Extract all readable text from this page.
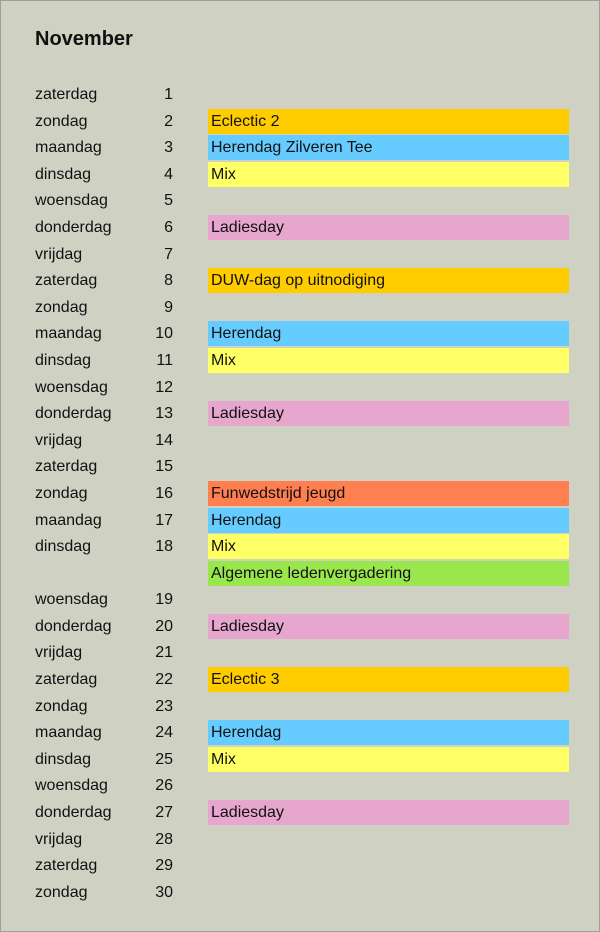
November
zaterdag	1
zondag	2 Eclectic 2
maandag	3 Herendag Zilveren Tee
dinsdag	4 Mix
woensdag	5
donderdag	6 Ladiesday
vrijdag	7
zaterdag	8 DUW-dag op uitnodiging
zondag	9
maandag	10 Herendag
dinsdag	11 Mix
woensdag	12
donderdag	13 Ladiesday
vrijdag	14
zaterdag	15
zondag	16 Funwedstrijd jeugd
maandag	17 Herendag
dinsdag	18 Mix
Algemene ledenvergadering
woensdag	19
donderdag	20 Ladiesday
vrijdag	21
zaterdag	22 Eclectic 3
zondag	23
maandag	24 Herendag
dinsdag	25 Mix
woensdag	26
donderdag	27 Ladiesday
vrijdag	28
zaterdag	29
zondag	30
